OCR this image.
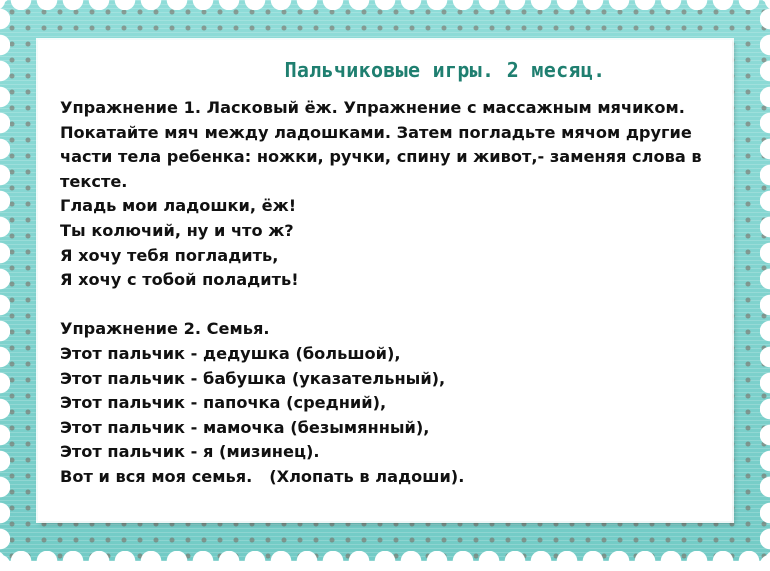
Пальчиковые игры. 2 месяц.
Упражнение 1. Ласковый ёж. Упражнение с массажным мячиком.
Покатайте мяч между ладошками. Затем погладьте мячом другие
части тела ребенка: ножки, ручки, спину и живот,- заменяя слова в
тексте.
Гладь мои ладошки, ёж!
Ты колючий, ну и что ж?
Я хочу тебя погладить,
Я хочу с тобой поладить!
Упражнение 2. Семья.
Этот пальчик - дедушка (большой),
Этот пальчик - бабушка (указательный),
Этот пальчик - папочка (средний),
Этот пальчик - мамочка (безымянный),
Этот пальчик - я (мизинец).
Вот и вся моя семья.   (Хлопать в ладоши).
